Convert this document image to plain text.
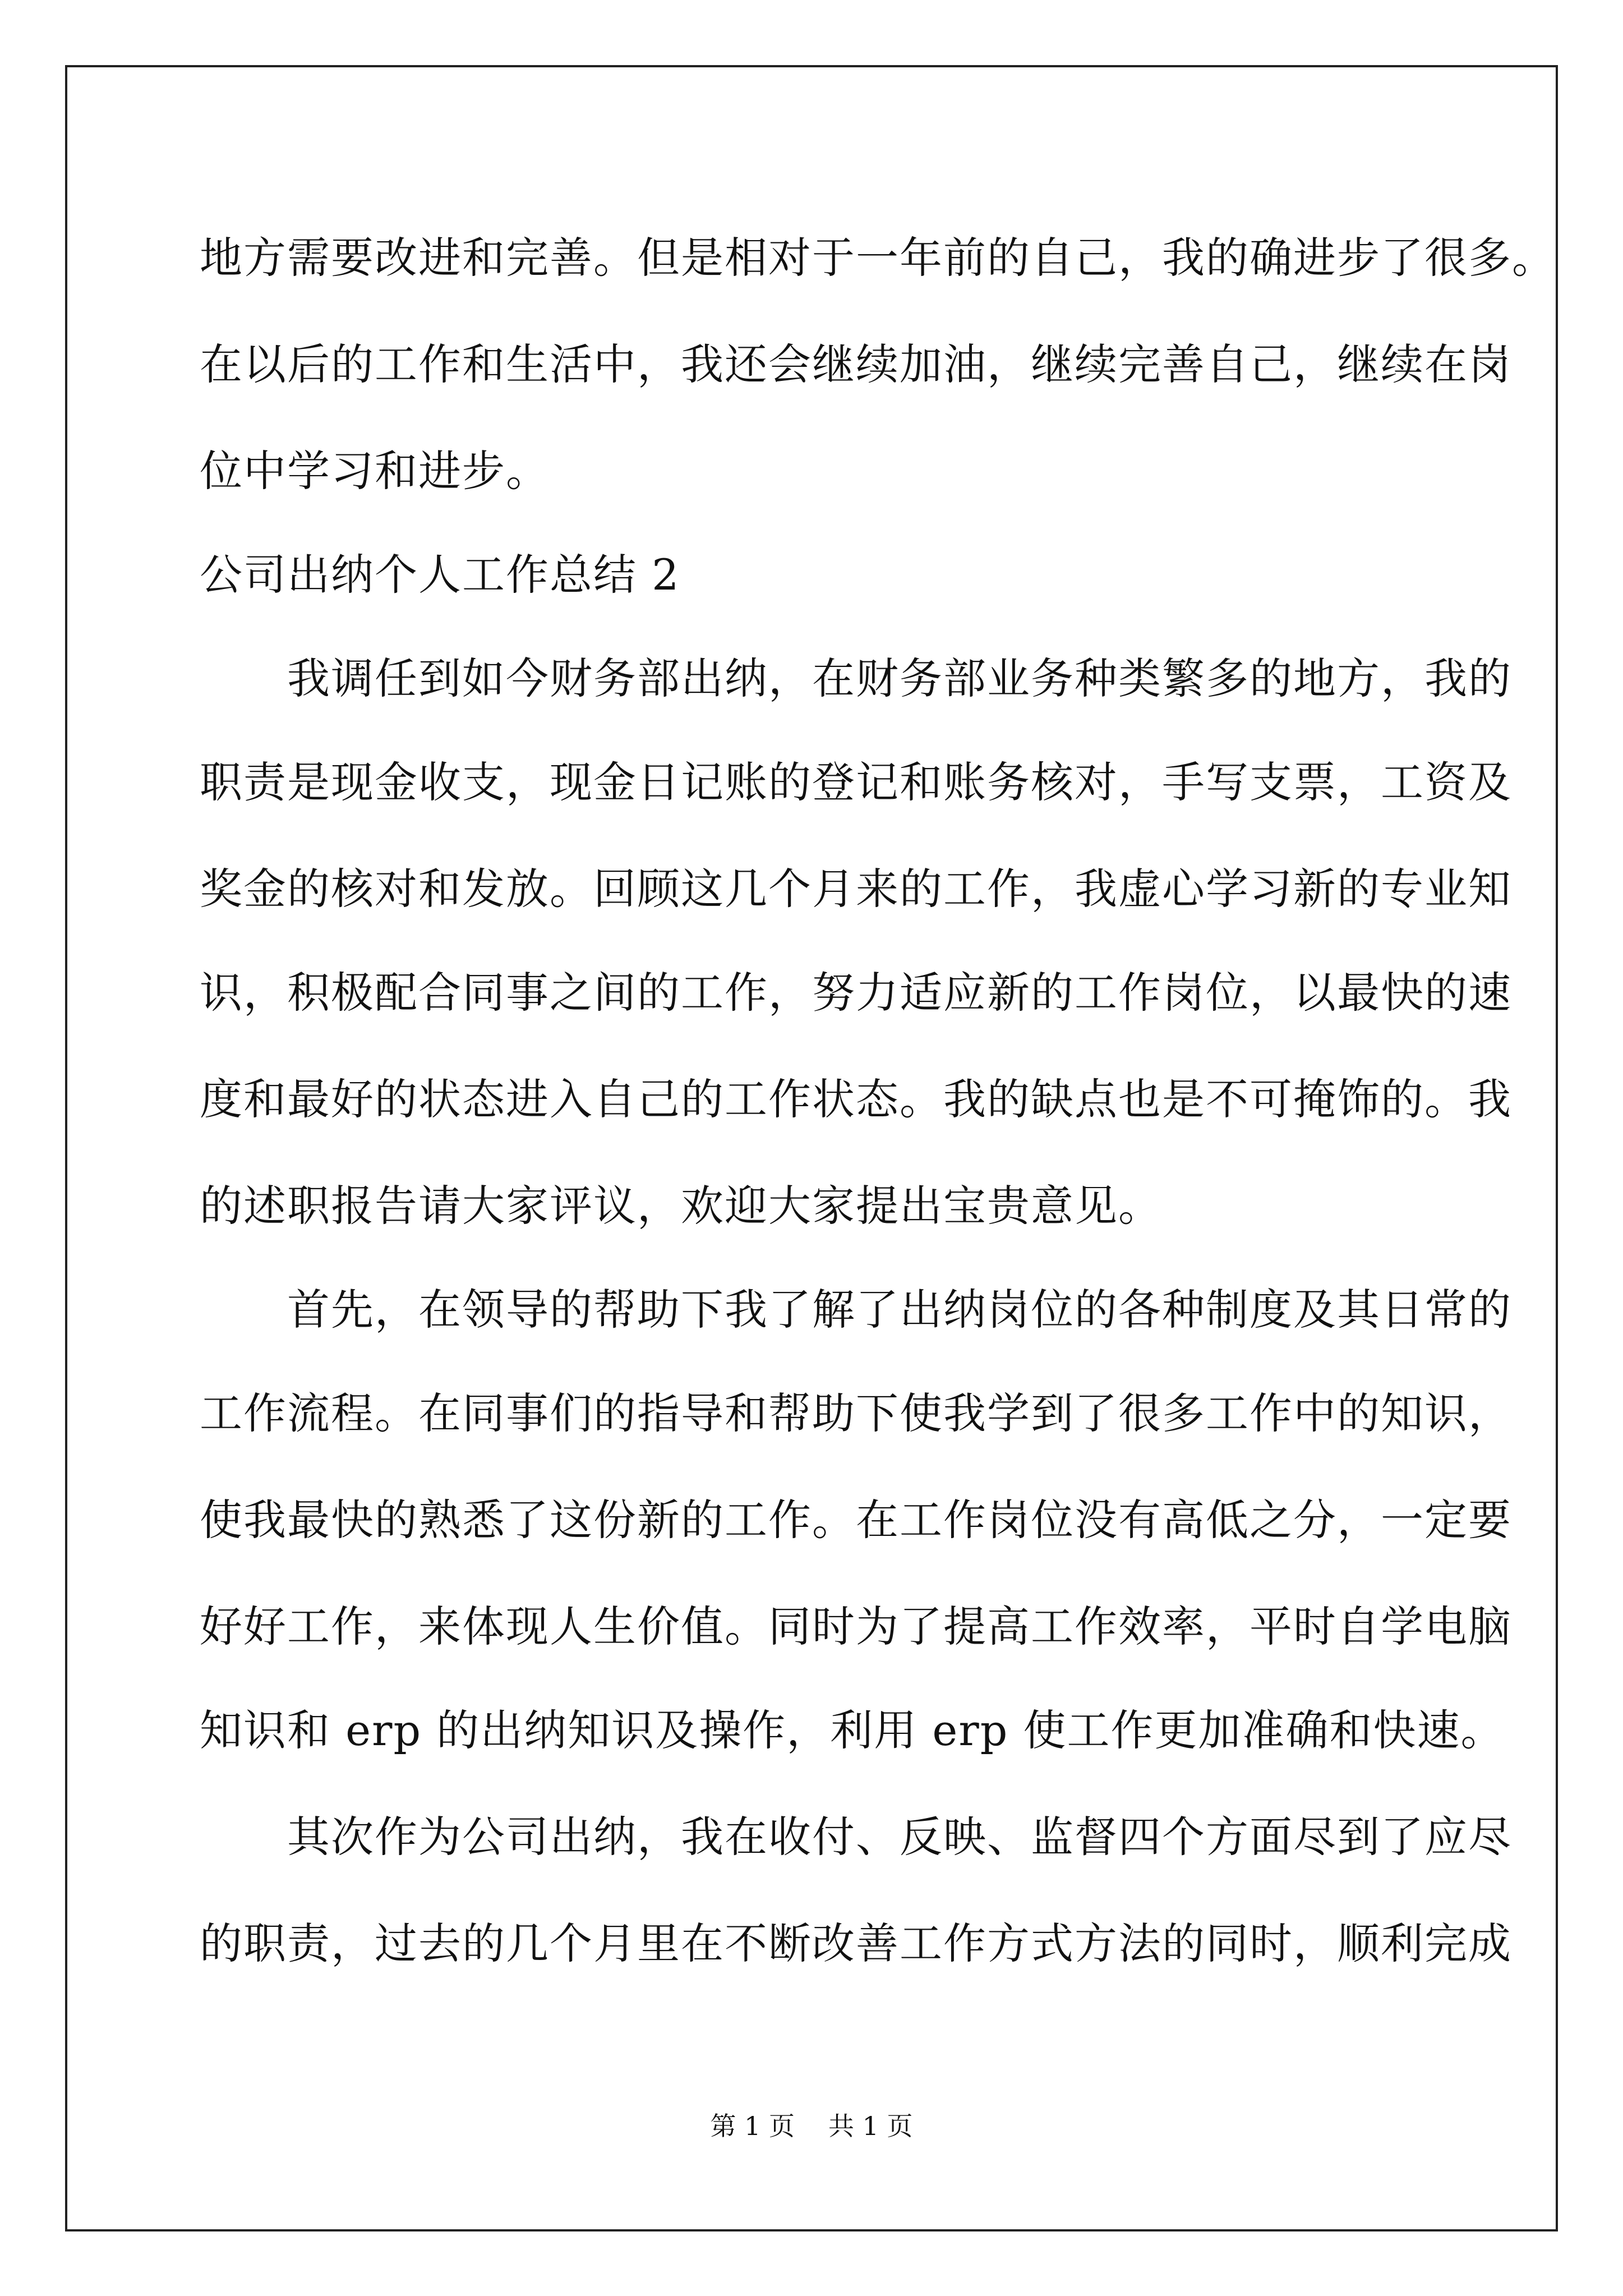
地方需要改进和完善。但是相对于一年前的自己，我的确进步了很多。
在以后的工作和生活中，我还会继续加油，继续完善自己，继续在岗
位中学习和进步。
公司出纳个人工作总结 2
　　我调任到如今财务部出纳，在财务部业务种类繁多的地方，我的
职责是现金收支，现金日记账的登记和账务核对，手写支票，工资及
奖金的核对和发放。回顾这几个月来的工作，我虚心学习新的专业知
识，积极配合同事之间的工作，努力适应新的工作岗位，以最快的速
度和最好的状态进入自己的工作状态。我的缺点也是不可掩饰的。我
的述职报告请大家评议，欢迎大家提出宝贵意见。
　　首先，在领导的帮助下我了解了出纳岗位的各种制度及其日常的
工作流程。在同事们的指导和帮助下使我学到了很多工作中的知识，
使我最快的熟悉了这份新的工作。在工作岗位没有高低之分，一定要
好好工作，来体现人生价值。同时为了提高工作效率，平时自学电脑
知识和 erp 的出纳知识及操作，利用 erp 使工作更加准确和快速。
　　其次作为公司出纳，我在收付、反映、监督四个方面尽到了应尽
的职责，过去的几个月里在不断改善工作方式方法的同时，顺利完成
第 1 页 共 1 页
